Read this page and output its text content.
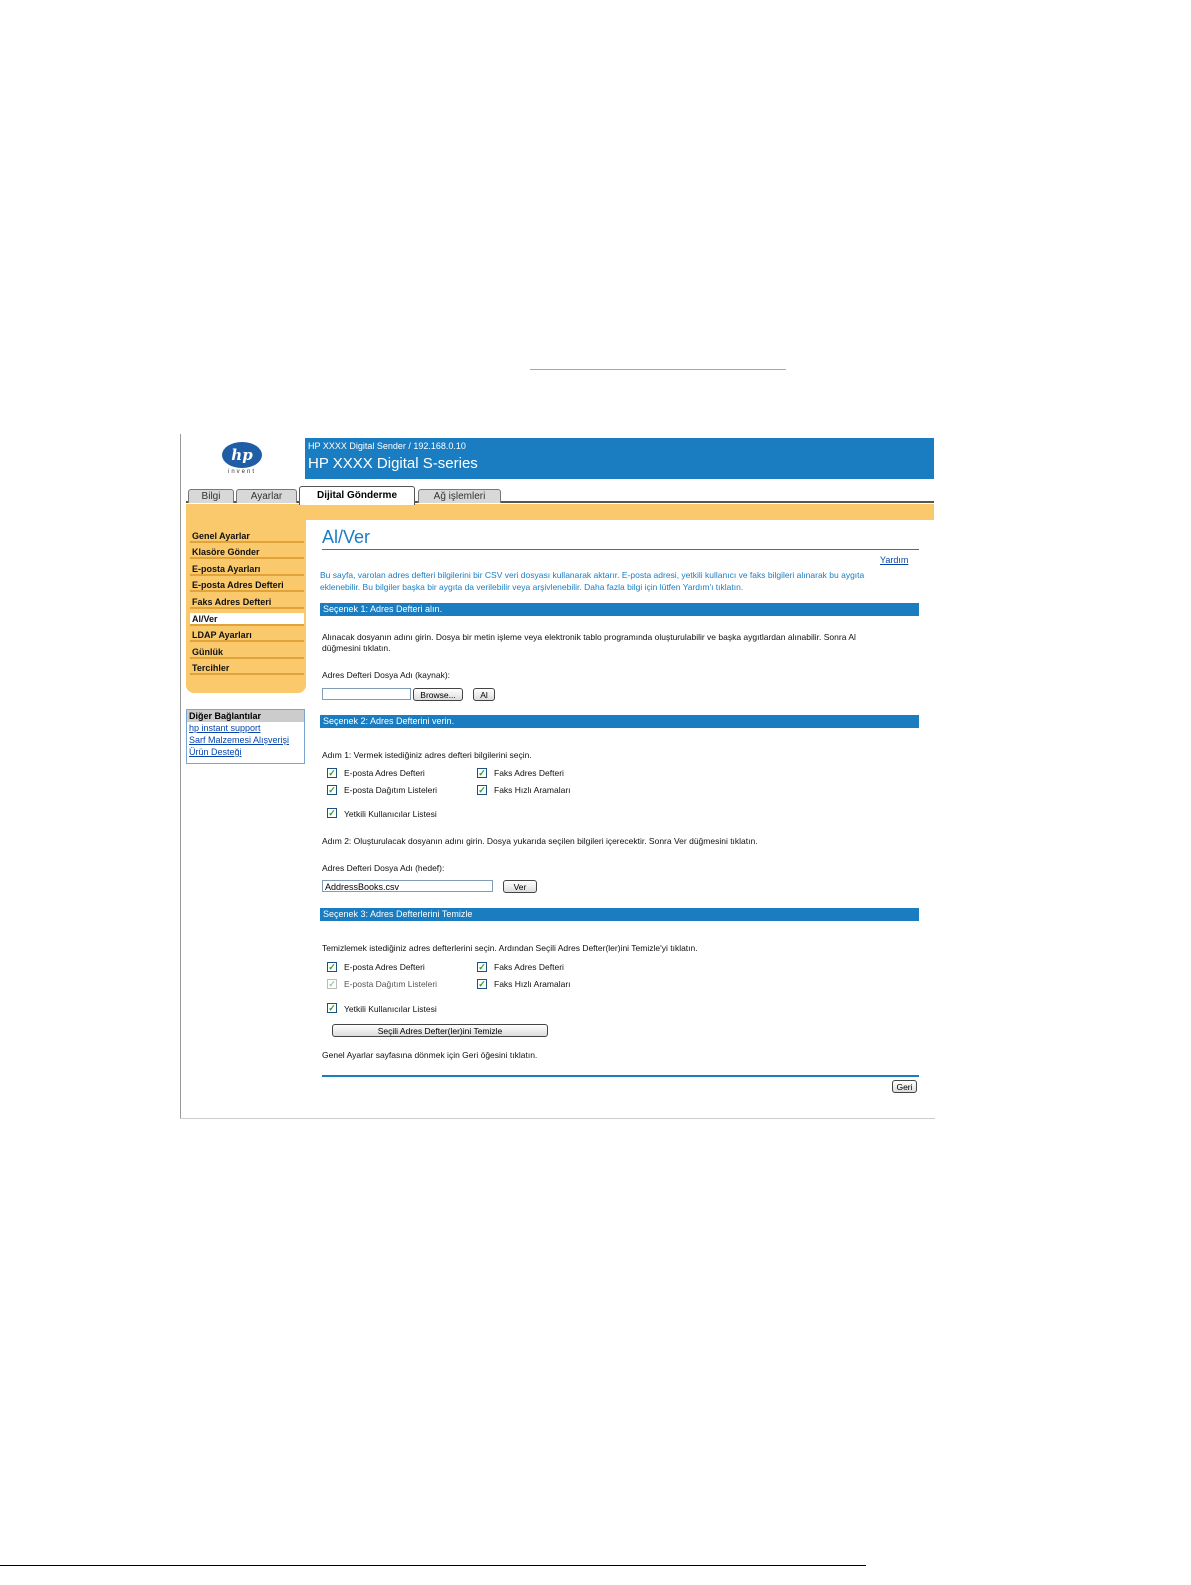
hp
invent
HP XXXX Digital Sender / 192.168.0.10
HP XXXX Digital S-series
Bilgi	Ayarlar	Dijital Gönderme	Ağ işlemleri
Genel Ayarlar
Klasöre Gönder
E-posta Ayarları
E-posta Adres Defteri
Faks Adres Defteri
Al/Ver
LDAP Ayarları
Günlük
Tercihler
Diğer Bağlantılar
hp instant support
Sarf Malzemesi Alışverişi
Ürün Desteği
Al/Ver
Yardım
Bu sayfa, varolan adres defteri bilgilerini bir CSV veri dosyası kullanarak aktarır. E-posta adresi, yetkili kullanıcı ve faks bilgileri alınarak bu aygıta
eklenebilir. Bu bilgiler başka bir aygıta da verilebilir veya arşivlenebilir. Daha fazla bilgi için lütfen Yardım'ı tıklatın.
Seçenek 1: Adres Defteri alın.
Alınacak dosyanın adını girin. Dosya bir metin işleme veya elektronik tablo programında oluşturulabilir ve başka aygıtlardan alınabilir. Sonra Al
düğmesini tıklatın.
Adres Defteri Dosya Adı (kaynak):
Browse...	Al
Seçenek 2: Adres Defterini verin.
Adım 1: Vermek istediğiniz adres defteri bilgilerini seçin.
✓ E-posta Adres Defteri	✓ Faks Adres Defteri
✓ E-posta Dağıtım Listeleri	✓ Faks Hızlı Aramaları
✓ Yetkili Kullanıcılar Listesi
Adım 2: Oluşturulacak dosyanın adını girin. Dosya yukarıda seçilen bilgileri içerecektir. Sonra Ver düğmesini tıklatın.
Adres Defteri Dosya Adı (hedef):
AddressBooks.csv	Ver
Seçenek 3: Adres Defterlerini Temizle
Temizlemek istediğiniz adres defterlerini seçin. Ardından Seçili Adres Defter(ler)ini Temizle'yi tıklatın.
✓ E-posta Adres Defteri	✓ Faks Adres Defteri
✓ E-posta Dağıtım Listeleri	✓ Faks Hızlı Aramaları
✓ Yetkili Kullanıcılar Listesi
Seçili Adres Defter(ler)ini Temizle
Genel Ayarlar sayfasına dönmek için Geri öğesini tıklatın.
Geri
